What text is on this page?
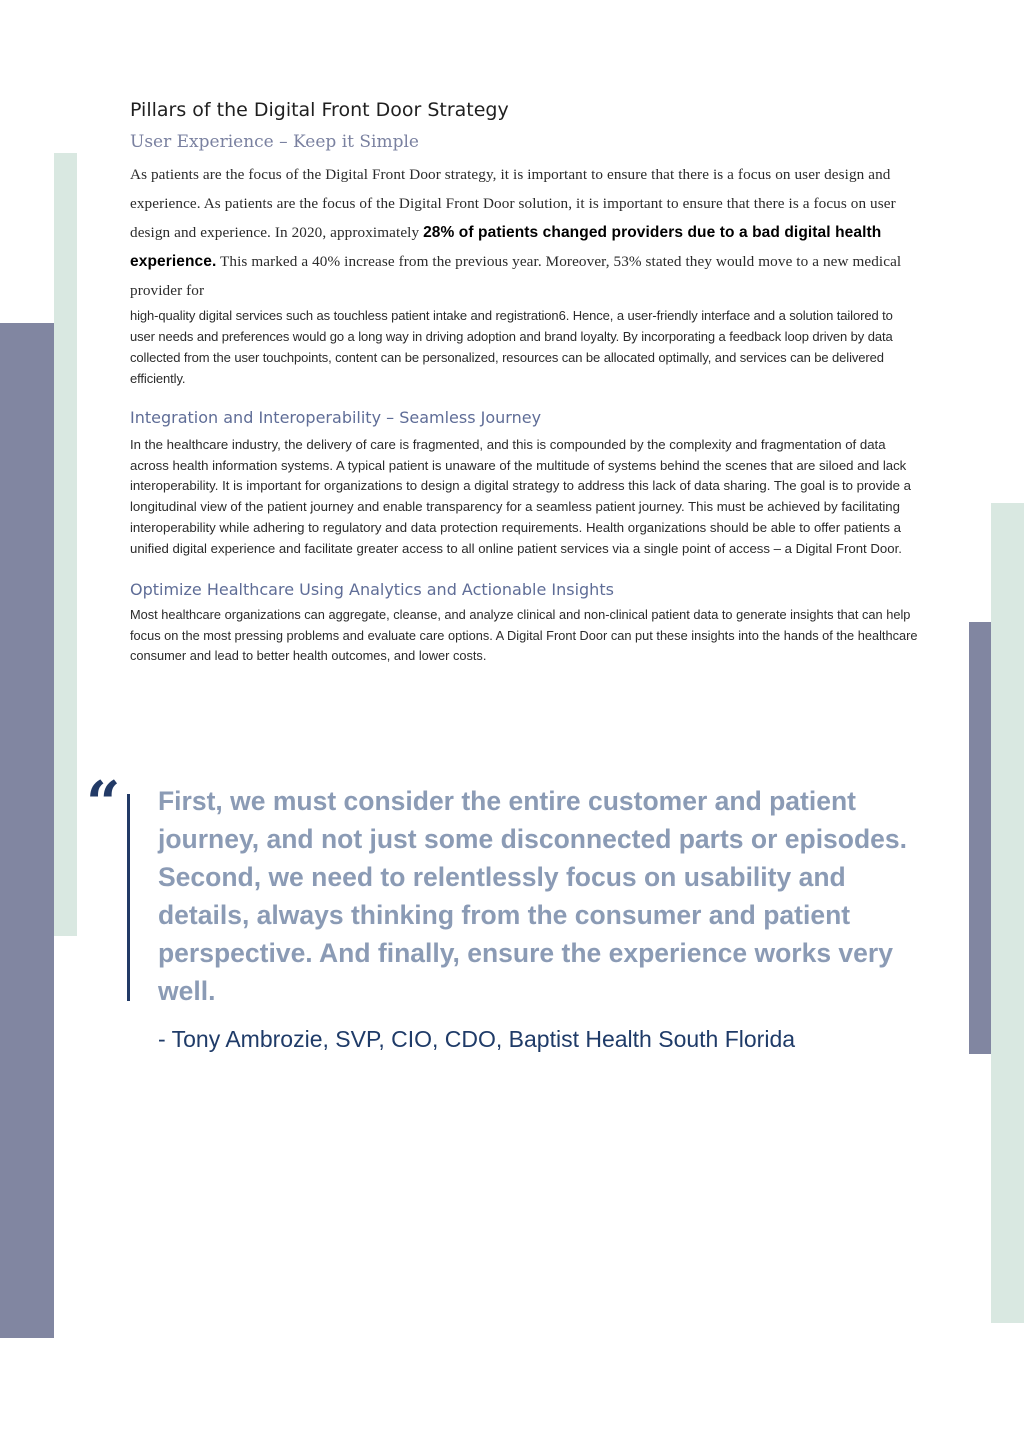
Pillars of the Digital Front Door Strategy
User Experience – Keep it Simple

As patients are the focus of the Digital Front Door strategy, it is important to ensure that there is a focus on user design and experience. As patients are the focus of the Digital Front Door solution, it is important to ensure that there is a focus on user design and experience. In 2020, approximately 28% of patients changed providers due to a bad digital health experience. This marked a 40% increase from the previous year. Moreover, 53% stated they would move to a new medical provider for

high-quality digital services such as touchless patient intake and registration6. Hence, a user-friendly interface and a solution tailored to user needs and preferences would go a long way in driving adoption and brand loyalty. By incorporating a feedback loop driven by data collected from the user touchpoints, content can be personalized, resources can be allocated optimally, and services can be delivered efficiently.

Integration and Interoperability – Seamless Journey

In the healthcare industry, the delivery of care is fragmented, and this is compounded by the complexity and fragmentation of data across health information systems. A typical patient is unaware of the multitude of systems behind the scenes that are siloed and lack interoperability. It is important for organizations to design a digital strategy to address this lack of data sharing. The goal is to provide a longitudinal view of the patient journey and enable transparency for a seamless patient journey. This must be achieved by facilitating interoperability while adhering to regulatory and data protection requirements. Health organizations should be able to offer patients a unified digital experience and facilitate greater access to all online patient services via a single point of access – a Digital Front Door.

Optimize Healthcare Using Analytics and Actionable Insights

Most healthcare organizations can aggregate, cleanse, and analyze clinical and non-clinical patient data to generate insights that can help focus on the most pressing problems and evaluate care options. A Digital Front Door can put these insights into the hands of the healthcare consumer and lead to better health outcomes, and lower costs.

“ First, we must consider the entire customer and patient journey, and not just some disconnected parts or episodes. Second, we need to relentlessly focus on usability and details, always thinking from the consumer and patient perspective. And finally, ensure the experience works very well.

- Tony Ambrozie, SVP, CIO, CDO, Baptist Health South Florida
